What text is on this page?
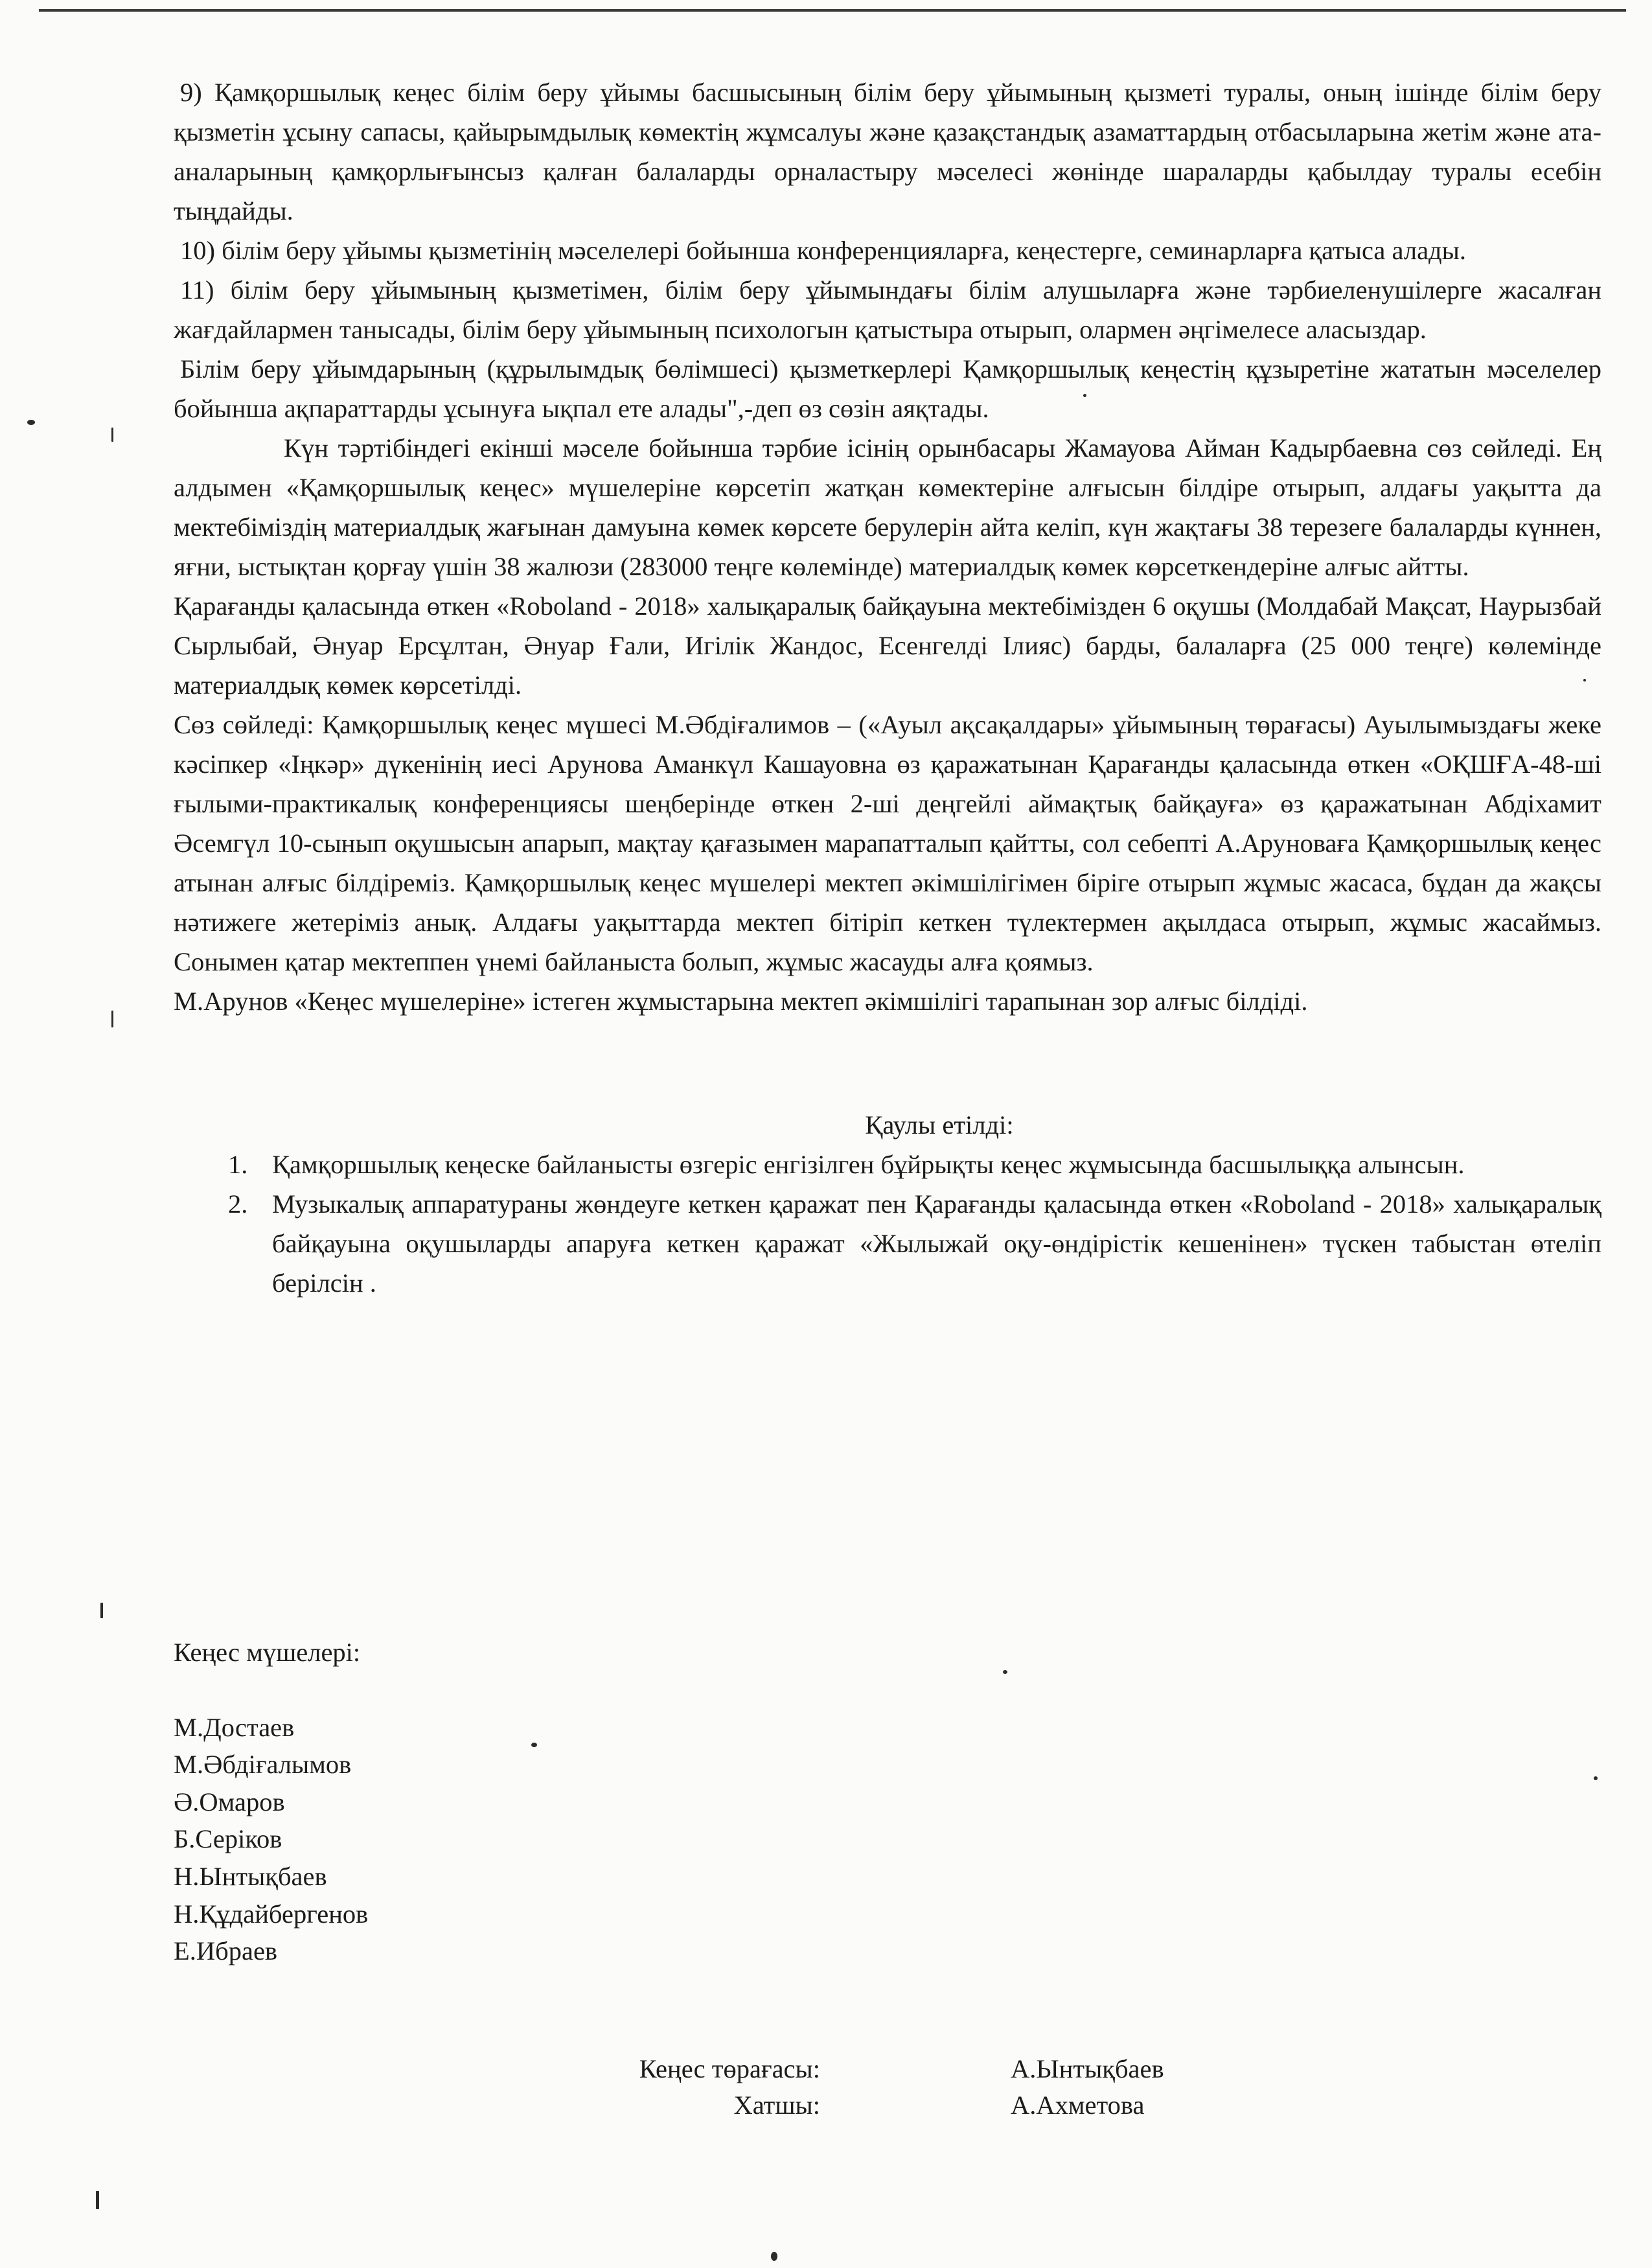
9) Қамқоршылық кеңес білім беру ұйымы басшысының білім беру ұйымының қызметі туралы, оның ішінде білім беру қызметін ұсыну сапасы, қайырымдылық көмектің жұмсалуы және қазақстандық азаматтардың отбасыларына жетім және ата-аналарының қамқорлығынсыз қалған балаларды орналастыру мәселесі жөнінде шараларды қабылдау туралы есебін тыңдайды.

10) білім беру ұйымы қызметінің мәселелері бойынша конференцияларға, кеңестерге, семинарларға қатыса алады.

11) білім беру ұйымының қызметімен, білім беру ұйымындағы білім алушыларға және тәрбиеленушілерге жасалған жағдайлармен танысады, білім беру ұйымының психологын қатыстыра отырып, олармен әңгімелесе аласыздар.

Білім беру ұйымдарының (құрылымдық бөлімшесі) қызметкерлері Қамқоршылық кеңестің құзыретіне жататын мәселелер бойынша ақпараттарды ұсынуға ықпал ете алады",-деп өз сөзін аяқтады.

Күн тәртібіндегі екінші мәселе бойынша тәрбие ісінің орынбасары Жамауова Айман Кадырбаевна сөз сөйледі. Ең алдымен «Қамқоршылық кеңес» мүшелеріне көрсетіп жатқан көмектеріне алғысын білдіре отырып, алдағы уақытта да мектебіміздің материалдық жағынан дамуына көмек көрсете берулерін айта келіп, күн жақтағы 38 терезеге балаларды күннен, яғни, ыстықтан қорғау үшін 38 жалюзи (283000 теңге көлемінде) материалдық көмек көрсеткендеріне алғыс айтты.

Қарағанды қаласында өткен «Roboland - 2018» халықаралық байқауына мектебімізден 6 оқушы (Молдабай Мақсат, Наурызбай Сырлыбай, Әнуар Ерсұлтан, Әнуар Ғали, Игілік Жандос, Есенгелді Ілияс) барды, балаларға (25 000 теңге) көлемінде материалдық көмек көрсетілді.

Сөз сөйледі: Қамқоршылық кеңес мүшесі М.Әбдіғалимов – («Ауыл ақсақалдары» ұйымының төрағасы) Ауылымыздағы жеке кәсіпкер «Іңкәр» дүкенінің иесі Арунова Аманкүл Кашауовна өз қаражатынан Қарағанды қаласында өткен «ОҚШҒА-48-ші ғылыми-практикалық конференциясы шеңберінде өткен 2-ші деңгейлі аймақтық байқауға» өз қаражатынан Абдіхамит Әсемгүл 10-сынып оқушысын апарып, мақтау қағазымен марапатталып қайтты, сол себепті А.Аруноваға Қамқоршылық кеңес атынан алғыс білдіреміз. Қамқоршылық кеңес мүшелері мектеп әкімшілігімен біріге отырып жұмыс жасаса, бұдан да жақсы нәтижеге жетеріміз анық. Алдағы уақыттарда мектеп бітіріп кеткен түлектермен ақылдаса отырып, жұмыс жасаймыз. Сонымен қатар мектеппен үнемі байланыста болып, жұмыс жасауды алға қоямыз.

М.Арунов «Кеңес мүшелеріне» істеген жұмыстарына мектеп әкімшілігі тарапынан зор алғыс білдіді.

Қаулы етілді:

1. Қамқоршылық кеңеске байланысты өзгеріс енгізілген бұйрықты кеңес жұмысында басшылыққа алынсын.
2. Музыкалық аппаратураны жөндеуге кеткен қаражат пен Қарағанды қаласында өткен «Roboland - 2018» халықаралық байқауына оқушыларды апаруға кеткен қаражат «Жылыжай оқу-өндірістік кешенінен» түскен табыстан өтеліп берілсін .

Кеңес мүшелері:

М.Достаев
М.Әбдіғалымов
Ә.Омаров
Б.Серіков
Н.Ынтықбаев
Н.Құдайбергенов
Е.Ибраев
Кеңес төрағасы:	А.Ынтықбаев
Хатшы:	А.Ахметова
